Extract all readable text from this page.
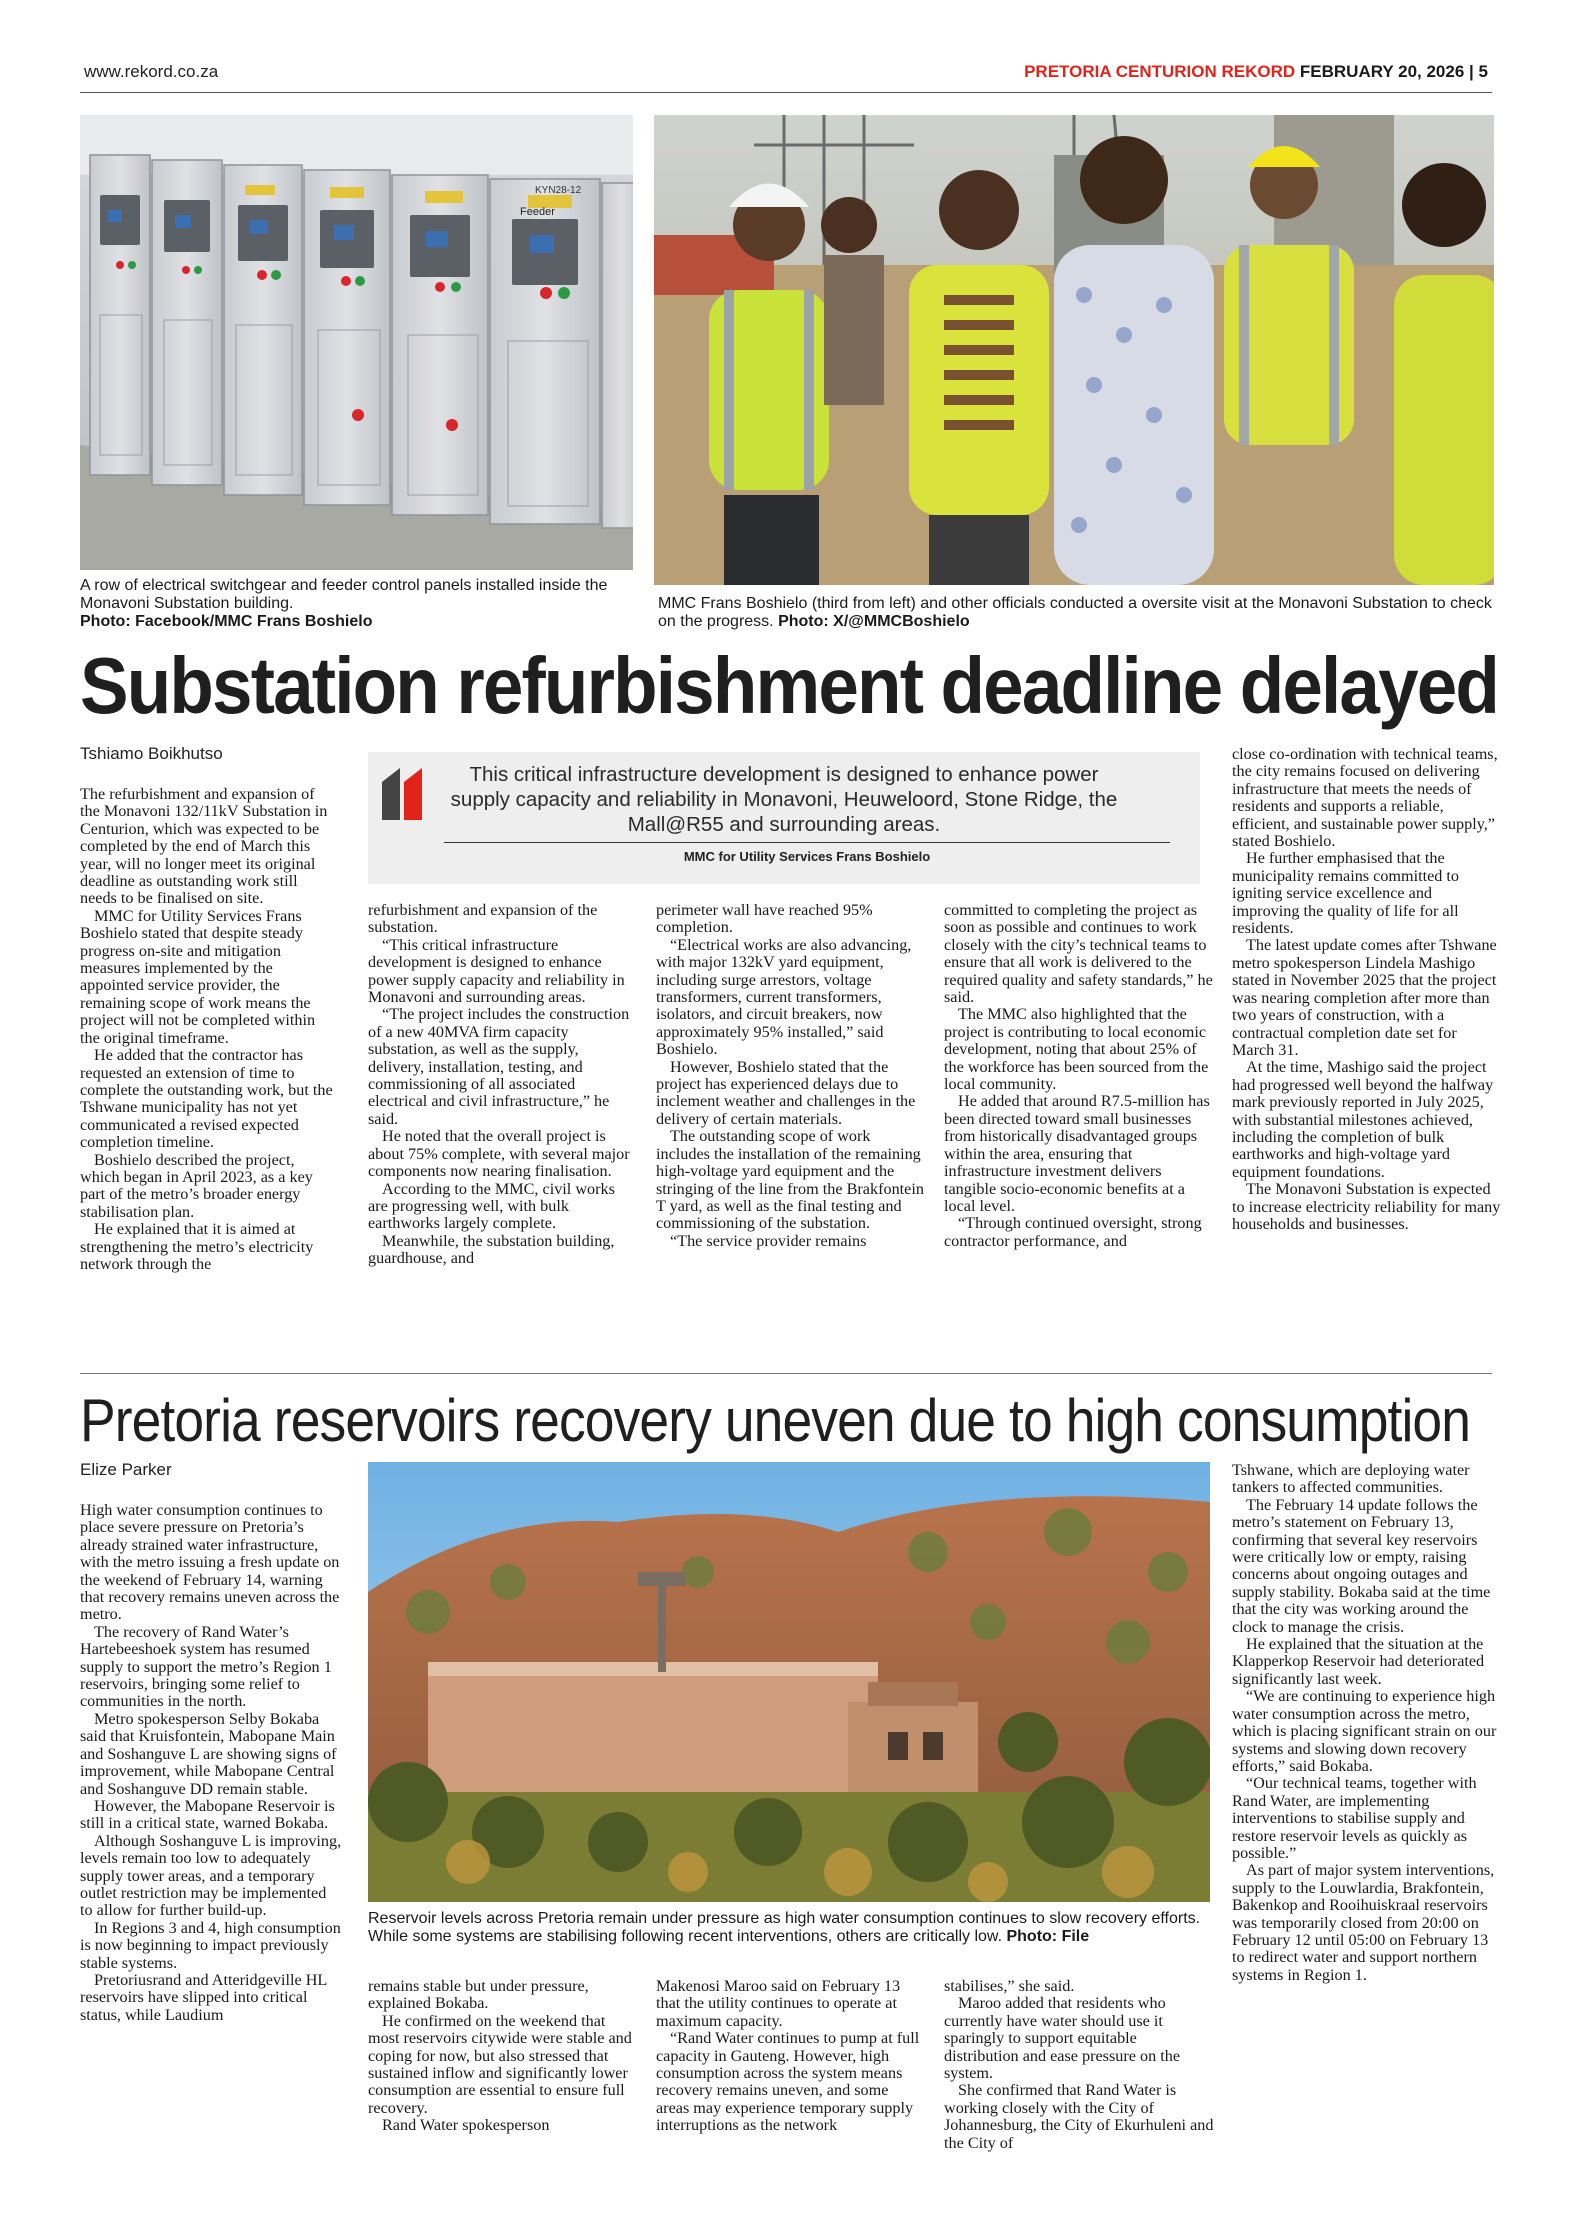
www.rekord.co.za	PRETORIA CENTURION REKORD FEBRUARY 20, 2026 | 5
KYN28-12
Feeder
A row of electrical switchgear and feeder control panels installed inside the Monavoni Substation building.
Photo: Facebook/MMC Frans Boshielo
MMC Frans Boshielo (third from left) and other officials conducted a oversite visit at the Monavoni Substation to check on the progress. Photo: X/@MMCBoshielo
Substation refurbishment deadline delayed
Tshiamo Boikhutso
This critical infrastructure development is designed to enhance power supply capacity and reliability in Monavoni, Heuweloord, Stone Ridge, the Mall@R55 and surrounding areas.
MMC for Utility Services Frans Boshielo

The refurbishment and expansion of the Monavoni 132/11kV Substation in Centurion, which was expected to be completed by the end of March this year, will no longer meet its original deadline as outstanding work still needs to be finalised on site.

MMC for Utility Services Frans Boshielo stated that despite steady progress on-site and mitigation measures implemented by the appointed service provider, the remaining scope of work means the project will not be completed within the original timeframe.

He added that the contractor has requested an extension of time to complete the outstanding work, but the Tshwane municipality has not yet communicated a revised expected completion timeline.

Boshielo described the project, which began in April 2023, as a key part of the metro’s broader energy stabilisation plan.

He explained that it is aimed at strengthening the metro’s electricity network through the

refurbishment and expansion of the substation.

“This critical infrastructure development is designed to enhance power supply capacity and reliability in Monavoni and surrounding areas.

“The project includes the construction of a new 40MVA firm capacity substation, as well as the supply, delivery, installation, testing, and commissioning of all associated electrical and civil infrastructure,” he said.

He noted that the overall project is about 75% complete, with several major components now nearing finalisation.

According to the MMC, civil works are progressing well, with bulk earthworks largely complete.

Meanwhile, the substation building, guardhouse, and

perimeter wall have reached 95% completion.

“Electrical works are also advancing, with major 132kV yard equipment, including surge arrestors, voltage transformers, current transformers, isolators, and circuit breakers, now approximately 95% installed,” said Boshielo.

However, Boshielo stated that the project has experienced delays due to inclement weather and challenges in the delivery of certain materials.

The outstanding scope of work includes the installation of the remaining high-voltage yard equipment and the stringing of the line from the Brakfontein T yard, as well as the final testing and commissioning of the substation.

“The service provider remains

committed to completing the project as soon as possible and continues to work closely with the city’s technical teams to ensure that all work is delivered to the required quality and safety standards,” he said.

The MMC also highlighted that the project is contributing to local economic development, noting that about 25% of the workforce has been sourced from the local community.

He added that around R7.5-million has been directed toward small businesses from historically disadvantaged groups within the area, ensuring that infrastructure investment delivers tangible socio-economic benefits at a local level.

“Through continued oversight, strong contractor performance, and

close co-ordination with technical teams, the city remains focused on delivering infrastructure that meets the needs of residents and supports a reliable, efficient, and sustainable power supply,” stated Boshielo.

He further emphasised that the municipality remains committed to igniting service excellence and improving the quality of life for all residents.

The latest update comes after Tshwane metro spokesperson Lindela Mashigo stated in November 2025 that the project was nearing completion after more than two years of construction, with a contractual completion date set for March 31.

At the time, Mashigo said the project had progressed well beyond the halfway mark previously reported in July 2025, with substantial milestones achieved, including the completion of bulk earthworks and high-voltage yard equipment foundations.

The Monavoni Substation is expected to increase electricity reliability for many households and businesses.

Pretoria reservoirs recovery uneven due to high consumption
Elize Parker
Reservoir levels across Pretoria remain under pressure as high water consumption continues to slow recovery efforts. While some systems are stabilising following recent interventions, others are critically low. Photo: File

High water consumption continues to place severe pressure on Pretoria’s already strained water infrastructure, with the metro issuing a fresh update on the weekend of February 14, warning that recovery remains uneven across the metro.

The recovery of Rand Water’s Hartebeeshoek system has resumed supply to support the metro’s Region 1 reservoirs, bringing some relief to communities in the north.

Metro spokesperson Selby Bokaba said that Kruisfontein, Mabopane Main and Soshanguve L are showing signs of improvement, while Mabopane Central and Soshanguve DD remain stable.

However, the Mabopane Reservoir is still in a critical state, warned Bokaba.

Although Soshanguve L is improving, levels remain too low to adequately supply tower areas, and a temporary outlet restriction may be implemented to allow for further build-up.

In Regions 3 and 4, high consumption is now beginning to impact previously stable systems.

Pretoriusrand and Atteridgeville HL reservoirs have slipped into critical status, while Laudium

remains stable but under pressure, explained Bokaba.

He confirmed on the weekend that most reservoirs citywide were stable and coping for now, but also stressed that sustained inflow and significantly lower consumption are essential to ensure full recovery.

Rand Water spokesperson

Makenosi Maroo said on February 13 that the utility continues to operate at maximum capacity.

“Rand Water continues to pump at full capacity in Gauteng. However, high consumption across the system means recovery remains uneven, and some areas may experience temporary supply interruptions as the network

stabilises,” she said.

Maroo added that residents who currently have water should use it sparingly to support equitable distribution and ease pressure on the system.

She confirmed that Rand Water is working closely with the City of Johannesburg, the City of Ekurhuleni and the City of

Tshwane, which are deploying water tankers to affected communities.

The February 14 update follows the metro’s statement on February 13, confirming that several key reservoirs were critically low or empty, raising concerns about ongoing outages and supply stability. Bokaba said at the time that the city was working around the clock to manage the crisis.

He explained that the situation at the Klapperkop Reservoir had deteriorated significantly last week.

“We are continuing to experience high water consumption across the metro, which is placing significant strain on our systems and slowing down recovery efforts,” said Bokaba.

“Our technical teams, together with Rand Water, are implementing interventions to stabilise supply and restore reservoir levels as quickly as possible.”

As part of major system interventions, supply to the Louwlardia, Brakfontein, Bakenkop and Rooihuiskraal reservoirs was temporarily closed from 20:00 on February 12 until 05:00 on February 13 to redirect water and support northern systems in Region 1.
